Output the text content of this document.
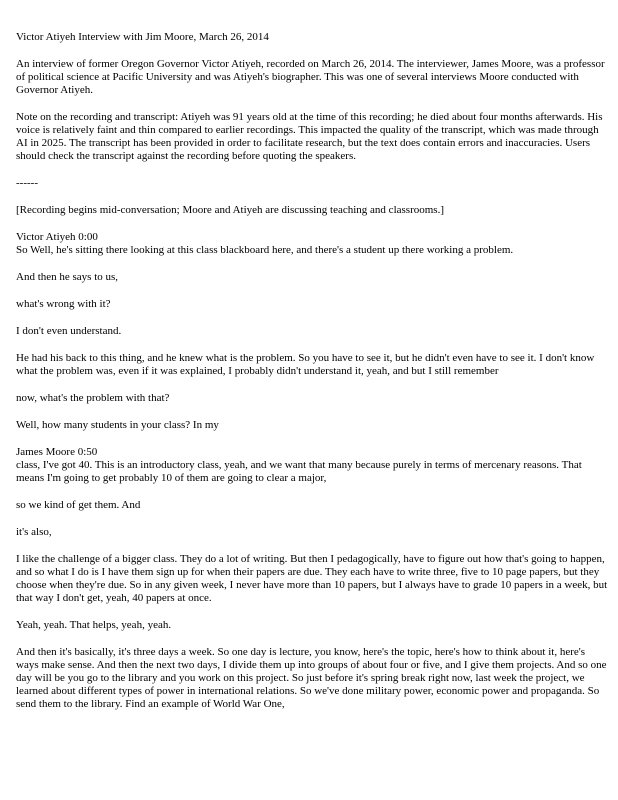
Victor Atiyeh Interview with Jim Moore, March 26, 2014

An interview of former Oregon Governor Victor Atiyeh, recorded on March 26, 2014. The interviewer, James Moore, was a professor of political science at Pacific University and was Atiyeh's biographer. This was one of several interviews Moore conducted with Governor Atiyeh.

Note on the recording and transcript: Atiyeh was 91 years old at the time of this recording; he died about four months afterwards. His voice is relatively faint and thin compared to earlier recordings. This impacted the quality of the transcript, which was made through AI in 2025. The transcript has been provided in order to facilitate research, but the text does contain errors and inaccuracies. Users should check the transcript against the recording before quoting the speakers.

------

[Recording begins mid-conversation; Moore and Atiyeh are discussing teaching and classrooms.]

Victor Atiyeh 0:00
So Well, he's sitting there looking at this class blackboard here, and there's a student up there working a problem.

And then he says to us,

what's wrong with it?

I don't even understand.

He had his back to this thing, and he knew what is the problem. So you have to see it, but he didn't even have to see it. I don't know what the problem was, even if it was explained, I probably didn't understand it, yeah, and but I still remember

now, what's the problem with that?

Well, how many students in your class? In my

James Moore 0:50
class, I've got 40. This is an introductory class, yeah, and we want that many because purely in terms of mercenary reasons. That means I'm going to get probably 10 of them are going to clear a major,

so we kind of get them. And

it's also,

I like the challenge of a bigger class. They do a lot of writing. But then I pedagogically, have to figure out how that's going to happen, and so what I do is I have them sign up for when their papers are due. They each have to write three, five to 10 page papers, but they choose when they're due. So in any given week, I never have more than 10 papers, but I always have to grade 10 papers in a week, but that way I don't get, yeah, 40 papers at once.

Yeah, yeah. That helps, yeah, yeah.

And then it's basically, it's three days a week. So one day is lecture, you know, here's the topic, here's how to think about it, here's ways make sense. And then the next two days, I divide them up into groups of about four or five, and I give them projects. And so one day will be you go to the library and you work on this project. So just before it's spring break right now, last week the project, we learned about different types of power in international relations. So we've done military power, economic power and propaganda. So send them to the library. Find an example of World War One,
